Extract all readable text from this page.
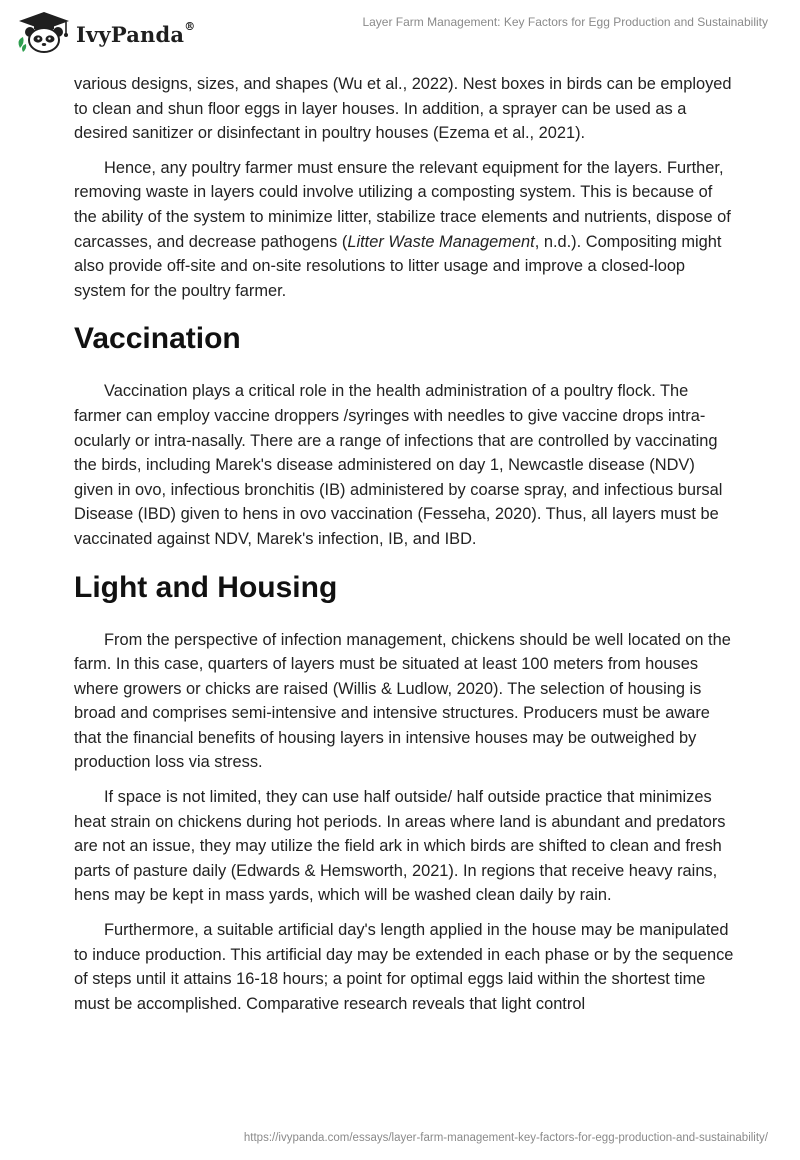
IvyPanda®	Layer Farm Management: Key Factors for Egg Production and Sustainability

various designs, sizes, and shapes (Wu et al., 2022). Nest boxes in birds can be employed to clean and shun floor eggs in layer houses. In addition, a sprayer can be used as a desired sanitizer or disinfectant in poultry houses (Ezema et al., 2021).

Hence, any poultry farmer must ensure the relevant equipment for the layers. Further, removing waste in layers could involve utilizing a composting system. This is because of the ability of the system to minimize litter, stabilize trace elements and nutrients, dispose of carcasses, and decrease pathogens (Litter Waste Management, n.d.). Compositing might also provide off-site and on-site resolutions to litter usage and improve a closed-loop system for the poultry farmer.

Vaccination

Vaccination plays a critical role in the health administration of a poultry flock. The farmer can employ vaccine droppers /syringes with needles to give vaccine drops intra-ocularly or intra-nasally. There are a range of infections that are controlled by vaccinating the birds, including Marek's disease administered on day 1, Newcastle disease (NDV) given in ovo, infectious bronchitis (IB) administered by coarse spray, and infectious bursal Disease (IBD) given to hens in ovo vaccination (Fesseha, 2020). Thus, all layers must be vaccinated against NDV, Marek's infection, IB, and IBD.

Light and Housing

From the perspective of infection management, chickens should be well located on the farm. In this case, quarters of layers must be situated at least 100 meters from houses where growers or chicks are raised (Willis & Ludlow, 2020). The selection of housing is broad and comprises semi-intensive and intensive structures. Producers must be aware that the financial benefits of housing layers in intensive houses may be outweighed by production loss via stress.

If space is not limited, they can use half outside/ half outside practice that minimizes heat strain on chickens during hot periods. In areas where land is abundant and predators are not an issue, they may utilize the field ark in which birds are shifted to clean and fresh parts of pasture daily (Edwards & Hemsworth, 2021). In regions that receive heavy rains, hens may be kept in mass yards, which will be washed clean daily by rain.

Furthermore, a suitable artificial day's length applied in the house may be manipulated to induce production. This artificial day may be extended in each phase or by the sequence of steps until it attains 16-18 hours; a point for optimal eggs laid within the shortest time must be accomplished. Comparative research reveals that light control

https://ivypanda.com/essays/layer-farm-management-key-factors-for-egg-production-and-sustainability/
